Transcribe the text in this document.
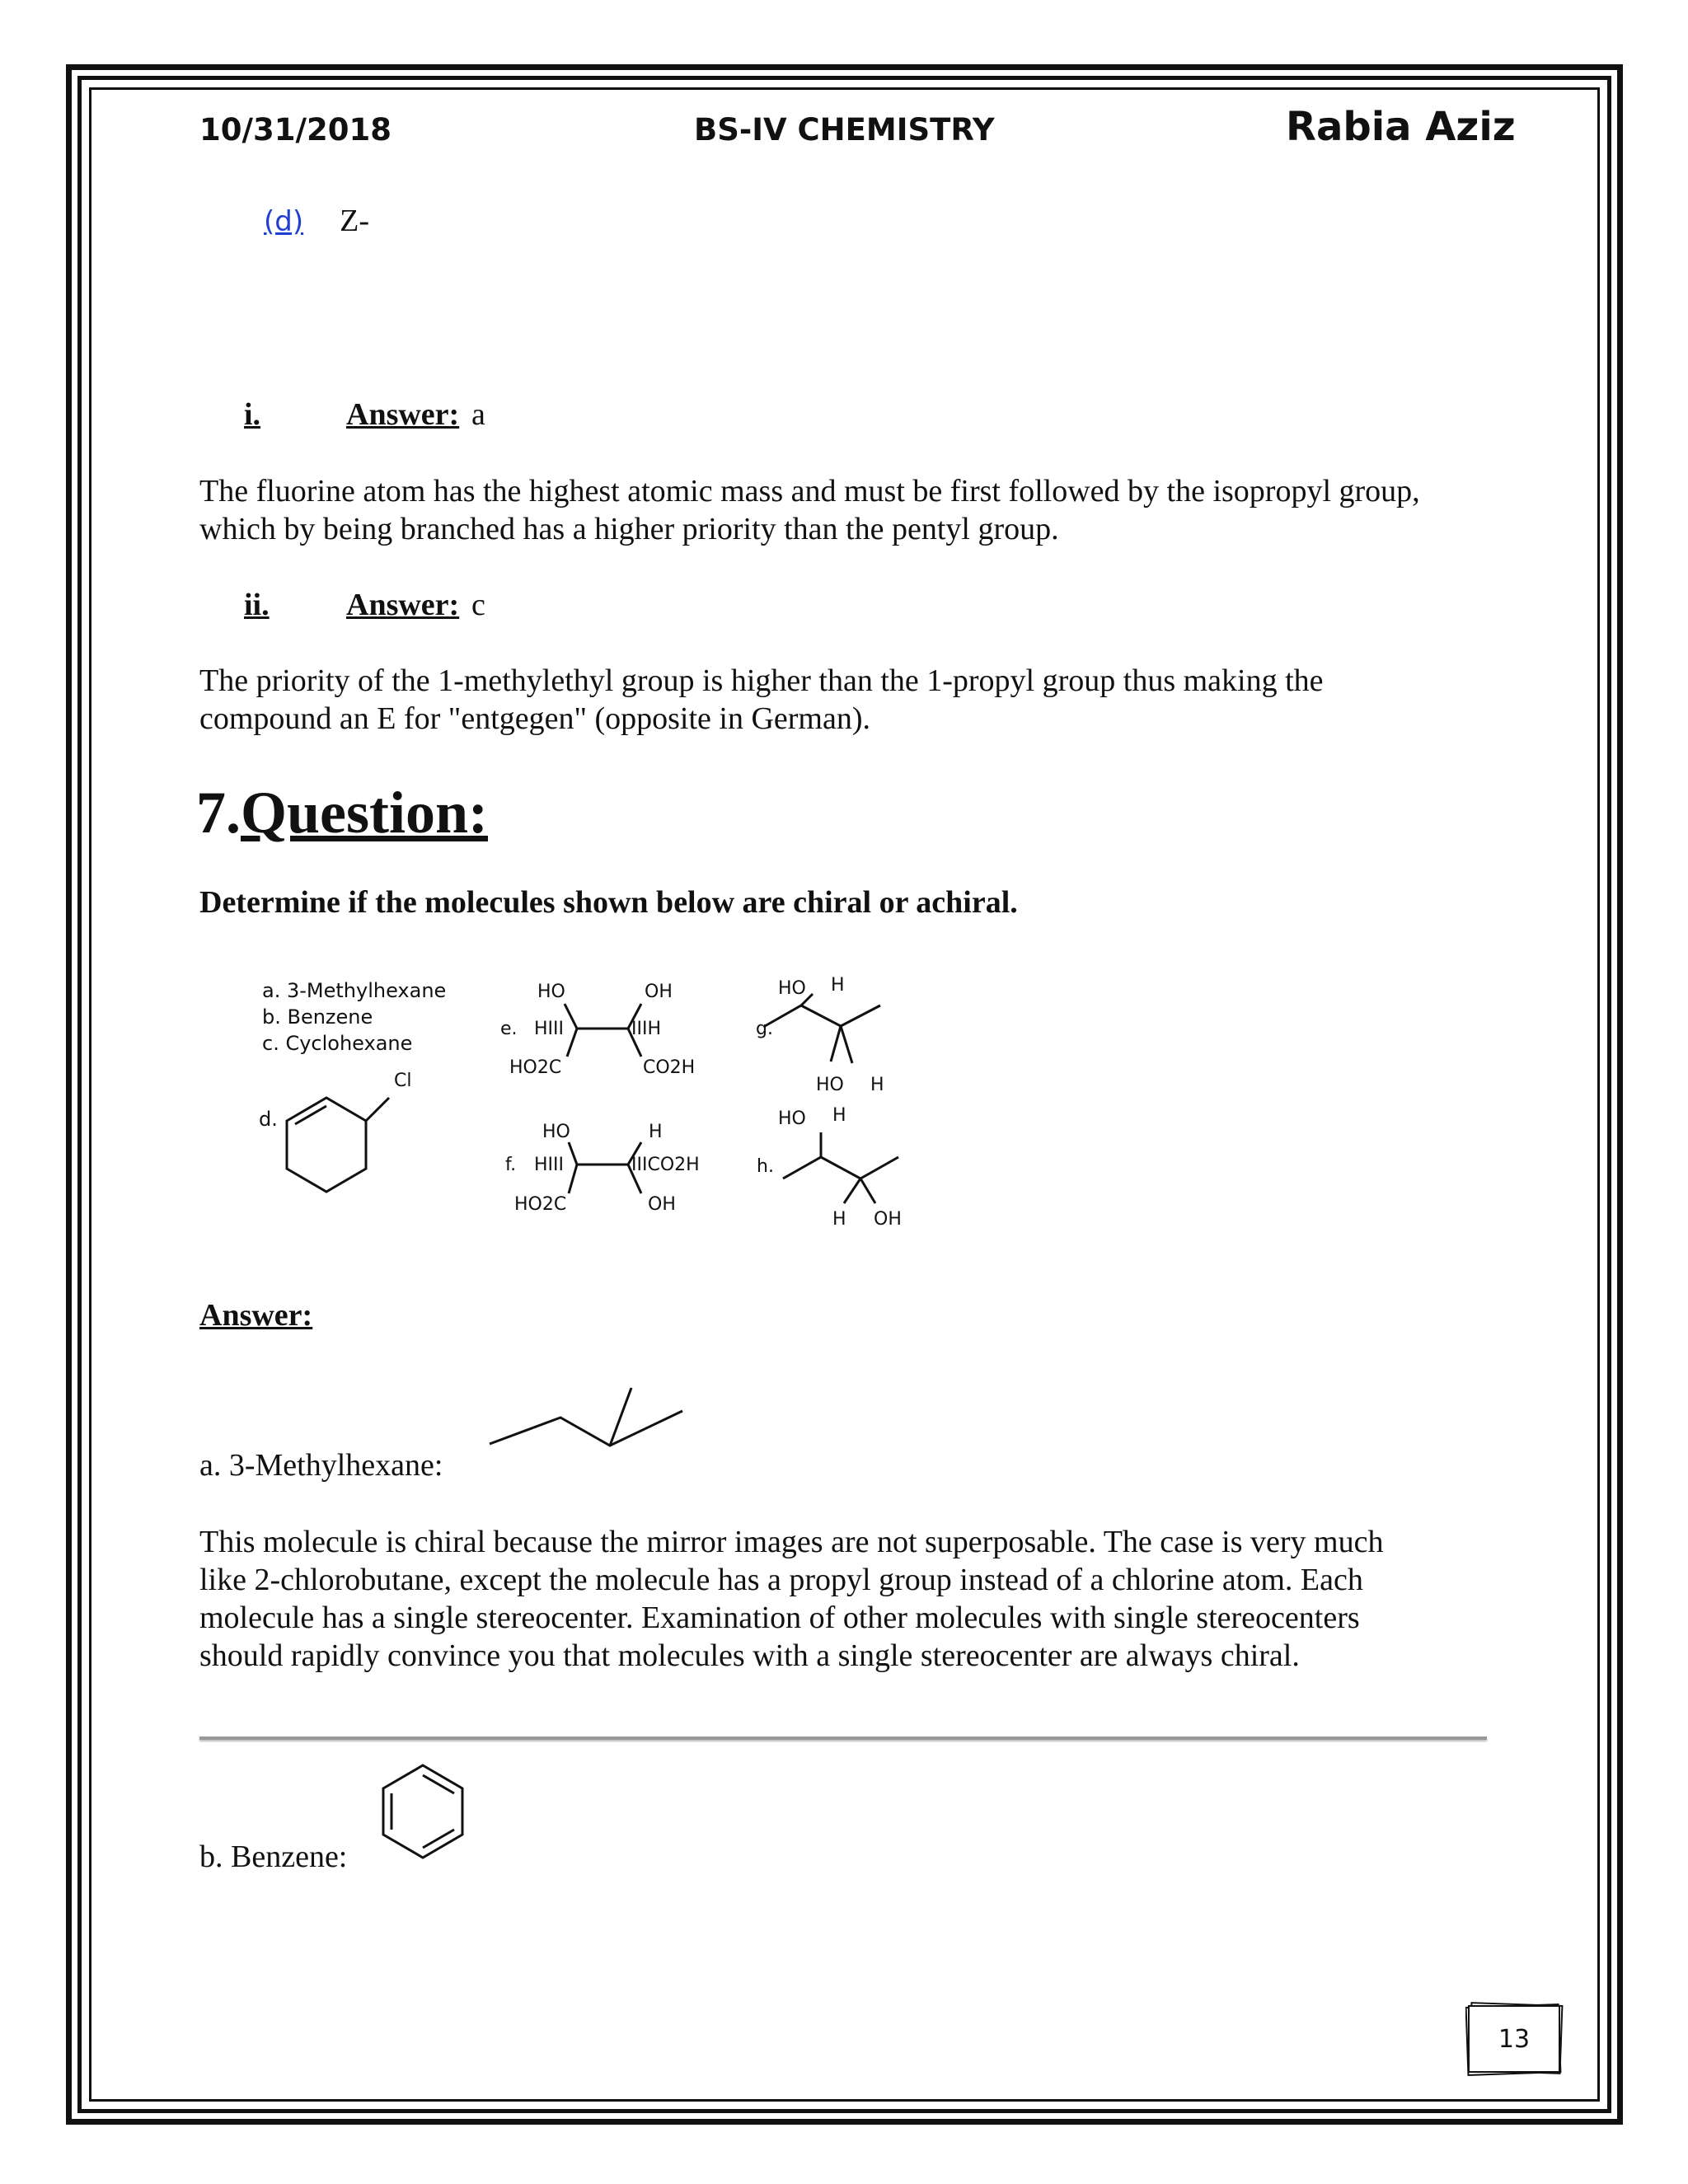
10/31/2018	BS-IV CHEMISTRY	Rabia Aziz
(d) Z-
i.	Answer: a
The fluorine atom has the highest atomic mass and must be first followed by the isopropyl group,
which by being branched has a higher priority than the pentyl group.
ii. Answer: c
The priority of the 1-methylethyl group is higher than the 1-propyl group thus making the
compound an E for "entgegen" (opposite in German).
7.Question:
Determine if the molecules shown below are chiral or achiral.
a. 3-Methylhexane
b. Benzene
c. Cyclohexane
d.
Cl
e.
HO	OH
HIII	IIIH
HO2C	CO2H
f.
HO	H
HIII	IIICO2H
HO2C	OH
g.
HO H
HO H
h.
HO H
H OH
Answer:
a. 3-Methylhexane:
This molecule is chiral because the mirror images are not superposable. The case is very much
like 2-chlorobutane, except the molecule has a propyl group instead of a chlorine atom. Each
molecule has a single stereocenter. Examination of other molecules with single stereocenters
should rapidly convince you that molecules with a single stereocenter are always chiral.
b. Benzene:
13
